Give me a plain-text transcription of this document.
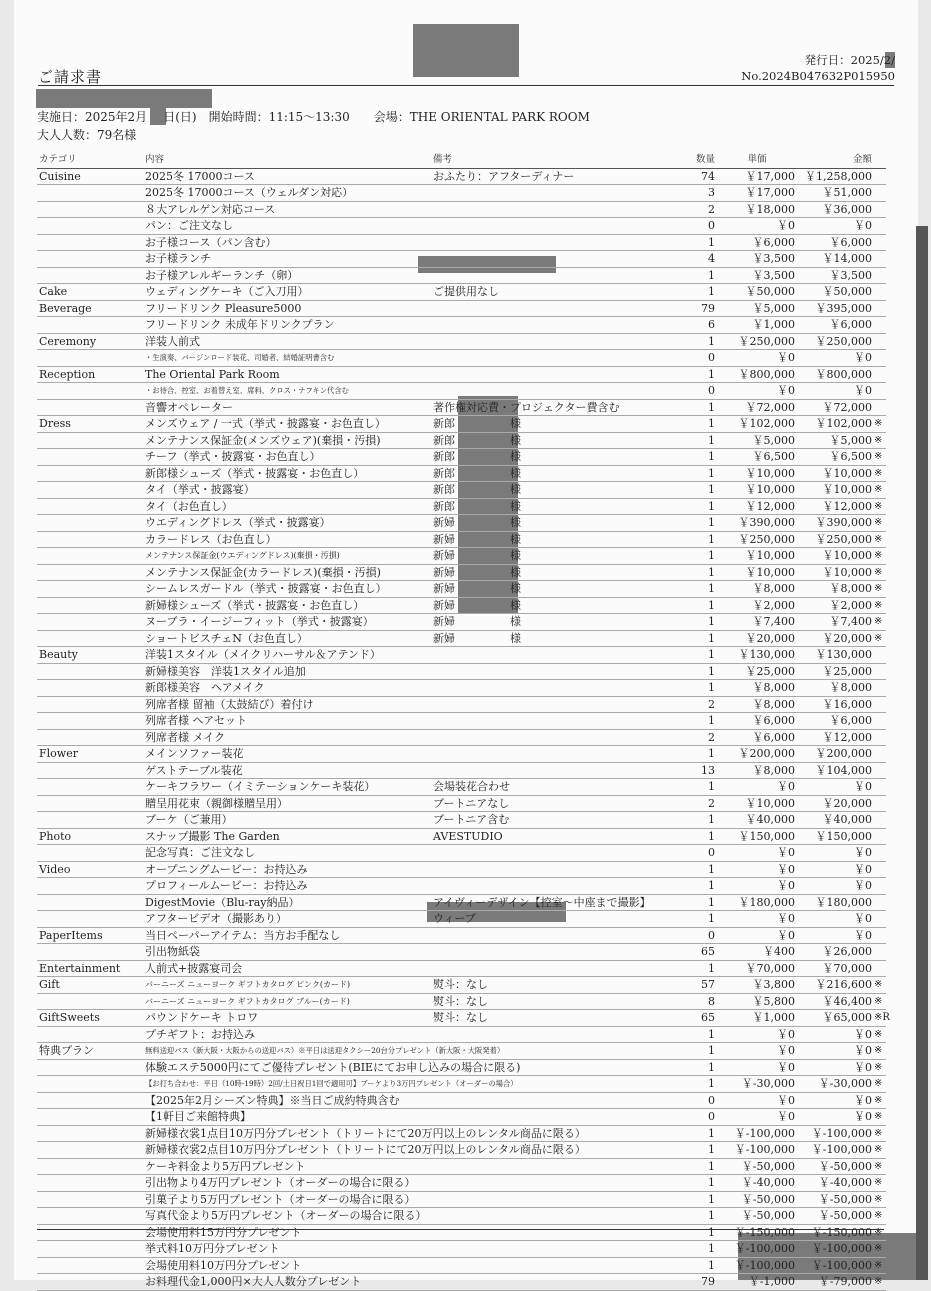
ご請求書
発行日：2025/2/
No.2024B047632P015950
実施日：2025年2月 日(日) 開始時間：11:15～13:30 会場：THE ORIENTAL PARK ROOM
大人人数：79名様
カテゴリ	内容	備考	数量	単価	金額
Cuisine	2025冬 17000コース	おふたり：アフターディナー	74	￥17,000 ￥1,258,000
2025冬 17000コース（ウェルダン対応）	3	￥17,000	￥51,000
８大アレルゲン対応コース	2	￥18,000	￥36,000
パン：ご注文なし	0	￥0	￥0
お子様コース（パン含む）	1	￥6,000	￥6,000
お子様ランチ	4	￥3,500	￥14,000
お子様アレルギーランチ（卵）	1	￥3,500	￥3,500
Cake	ウェディングケーキ（ご入刀用）	ご提供用なし	1	￥50,000	￥50,000
Beverage	フリードリンク Pleasure5000	79	￥5,000	￥395,000
フリードリンク 未成年ドリンクプラン	6	￥1,000	￥6,000
Ceremony	洋装人前式	1	￥250,000	￥250,000
・生演奏、バージンロード装花、司婚者、結婚証明書含む	0	￥0	￥0
Reception	The Oriental Park Room	1	￥800,000	￥800,000
・お待合、控室、お着替え室、席料、クロス・ナフキン代含む	0	￥0	￥0
音響オペレーター	著作権対応費・プロジェクター費含む	1	￥72,000	￥72,000
Dress	メンズウェア / 一式（挙式・披露宴・お色直し）	新郎　　　　　様	1	￥102,000	￥102,000 ※
メンテナンス保証金(メンズウェア)(棄損・汚損)	新郎　　　　　様	1	￥5,000	￥5,000 ※
チーフ（挙式・披露宴・お色直し）	新郎　　　　　様	1	￥6,500	￥6,500 ※
新郎様シューズ（挙式・披露宴・お色直し）	新郎　　　　　様	1	￥10,000	￥10,000 ※
タイ（挙式・披露宴）	新郎　　　　　様	1	￥10,000	￥10,000 ※
タイ（お色直し）	新郎　　　　　様	1	￥12,000	￥12,000 ※
ウエディングドレス（挙式・披露宴）	新婦　　　　　様	1	￥390,000	￥390,000 ※
カラードレス（お色直し）	新婦　　　　　様	1	￥250,000	￥250,000 ※
メンテナンス保証金(ウエディングドレス)(棄損・汚損)	新婦　　　　　様	1	￥10,000	￥10,000 ※
メンテナンス保証金(カラードレス)(棄損・汚損)	新婦　　　　　様	1	￥10,000	￥10,000 ※
シームレスガードル（挙式・披露宴・お色直し）	新婦　　　　　様	1	￥8,000	￥8,000 ※
新婦様シューズ（挙式・披露宴・お色直し）	新婦　　　　　様	1	￥2,000	￥2,000 ※
ヌーブラ・イージーフィット（挙式・披露宴）	新婦　　　　　様	1	￥7,400	￥7,400 ※
ショートビスチェN（お色直し）	新婦　　　　　様	1	￥20,000	￥20,000 ※
Beauty	洋装1スタイル（メイクリハーサル＆アテンド）	1	￥130,000	￥130,000
新婦様美容　洋装1スタイル追加	1	￥25,000	￥25,000
新郎様美容　ヘアメイク	1	￥8,000	￥8,000
列席者様 留袖（太鼓結び）着付け	2	￥8,000	￥16,000
列席者様 ヘアセット	1	￥6,000	￥6,000
列席者様 メイク	2	￥6,000	￥12,000
Flower	メインソファー装花	1	￥200,000	￥200,000
ゲストテーブル装花	13	￥8,000	￥104,000
ケーキフラワー（イミテーションケーキ装花）	会場装花合わせ	1	￥0	￥0
贈呈用花束（親御様贈呈用）	ブートニアなし	2	￥10,000	￥20,000
ブーケ（ご兼用）	ブートニア含む	1	￥40,000	￥40,000
Photo	スナップ撮影 The Garden	AVESTUDIO	1	￥150,000	￥150,000
記念写真：ご注文なし	0	￥0	￥0
Video	オープニングムービー：お持込み	1	￥0	￥0
プロフィールムービー：お持込み	1	￥0	￥0
DigestMovie（Blu-ray納品）	アイヴィーデザイン【控室～中座まで撮影】	1	￥180,000	￥180,000
アフタービデオ（撮影あり）	ウィーブ	1	￥0	￥0
PaperItems	当日ペーパーアイテム：当方お手配なし	0	￥0	￥0
引出物紙袋	65	￥400	￥26,000
Entertainment	人前式+披露宴司会	1	￥70,000	￥70,000
Gift	バーニーズ ニューヨーク ギフトカタログ ピンク(カード)	熨斗：なし	57	￥3,800	￥216,600 ※
バーニーズ ニューヨーク ギフトカタログ ブルー(カード)	熨斗：なし	8	￥5,800	￥46,400 ※
GiftSweets	パウンドケーキ トロワ	熨斗：なし	65	￥1,000	￥65,000 ※R
プチギフト：お持込み	1	￥0	￥0 ※
特典プラン	無料送迎バス（新大阪・大阪からの送迎バス）※平日は送迎タクシー20台分プレゼント（新大阪・大阪発着）	1	￥0	￥0 ※
体験エステ5000円にてご優待プレゼント(BIEにてお申し込みの場合に限る)	1	￥0	￥0 ※
【お打ち合わせ：平日（10時-19時）2回/土日祝日1回で適用可】ブーケより3万円プレゼント（オーダーの場合）	1	￥-30,000	￥-30,000 ※
【2025年2月シーズン特典】※当日ご成約特典含む	0	￥0	￥0 ※
【1軒目ご来館特典】	0	￥0	￥0 ※
新婦様衣裳1点目10万円分プレゼント（トリートにて20万円以上のレンタル商品に限る）	1	￥-100,000	￥-100,000 ※
新婦様衣裳2点目10万円分プレゼント（トリートにて20万円以上のレンタル商品に限る）	1	￥-100,000	￥-100,000 ※
ケーキ料金より5万円プレゼント	1	￥-50,000	￥-50,000 ※
引出物より4万円プレゼント（オーダーの場合に限る）	1	￥-40,000	￥-40,000 ※
引菓子より5万円プレゼント（オーダーの場合に限る）	1	￥-50,000	￥-50,000 ※
写真代金より5万円プレゼント（オーダーの場合に限る）	1	￥-50,000	￥-50,000 ※
会場使用料15万円分プレゼント	1	￥-150,000	￥-150,000 ※
挙式料10万円分プレゼント	1	￥-100,000	￥-100,000 ※
会場使用料10万円分プレゼント	1	￥-100,000	￥-100,000 ※
お料理代金1,000円×大人人数分プレゼント	79	￥-1,000	￥-79,000 ※
